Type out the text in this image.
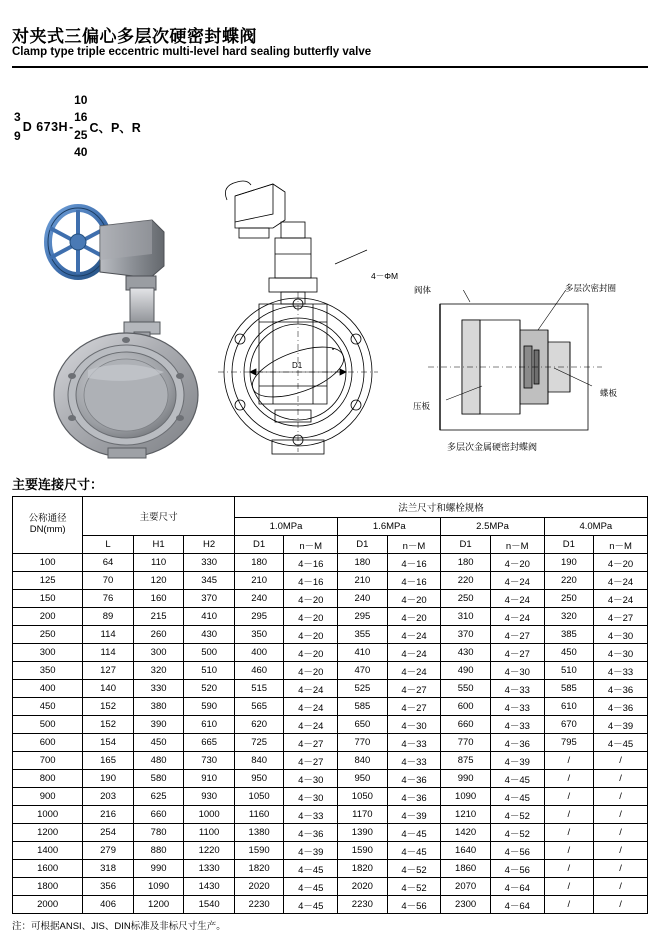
对夹式三偏心多层次硬密封蝶阀
Clamp type triple eccentric multi-level hard sealing butterfly valve
3
9
D 673H -
10
16
25
40
C、P、R
D1
4－ΦM
阀体	多层次密封圈
压板
蝶板
多层次金属硬密封蝶阀
主要连接尺寸：
公称通径
DN(mm)	主要尺寸			法兰尺寸和螺栓规格							
				1.0MPa		1.6MPa		2.5MPa		4.0MPa	
	L	H1	H2	D1	n－M	D1	n－M	D1	n－M	D1	n－M
100	64	110	330	180	4－16	180	4－16	180	4－20	190	4－20
125	70	120	345	210	4－16	210	4－16	220	4－24	220	4－24
150	76	160	370	240	4－20	240	4－20	250	4－24	250	4－24
200	89	215	410	295	4－20	295	4－20	310	4－24	320	4－27
250	114	260	430	350	4－20	355	4－24	370	4－27	385	4－30
300	114	300	500	400	4－20	410	4－24	430	4－27	450	4－30
350	127	320	510	460	4－20	470	4－24	490	4－30	510	4－33
400	140	330	520	515	4－24	525	4－27	550	4－33	585	4－36
450	152	380	590	565	4－24	585	4－27	600	4－33	610	4－36
500	152	390	610	620	4－24	650	4－30	660	4－33	670	4－39
600	154	450	665	725	4－27	770	4－33	770	4－36	795	4－45
700	165	480	730	840	4－27	840	4－33	875	4－39	/	/
800	190	580	910	950	4－30	950	4－36	990	4－45	/	/
900	203	625	930	1050	4－30	1050	4－36	1090	4－45	/	/
1000	216	660	1000	1160	4－33	1170	4－39	1210	4－52	/	/
1200	254	780	1100	1380	4－36	1390	4－45	1420	4－52	/	/
1400	279	880	1220	1590	4－39	1590	4－45	1640	4－56	/	/
1600	318	990	1330	1820	4－45	1820	4－52	1860	4－56	/	/
1800	356	1090	1430	2020	4－45	2020	4－52	2070	4－64	/	/
2000	406	1200	1540	2230	4－45	2230	4－56	2300	4－64	/	/
注：可根据ANSI、JIS、DIN标准及非标尺寸生产。
